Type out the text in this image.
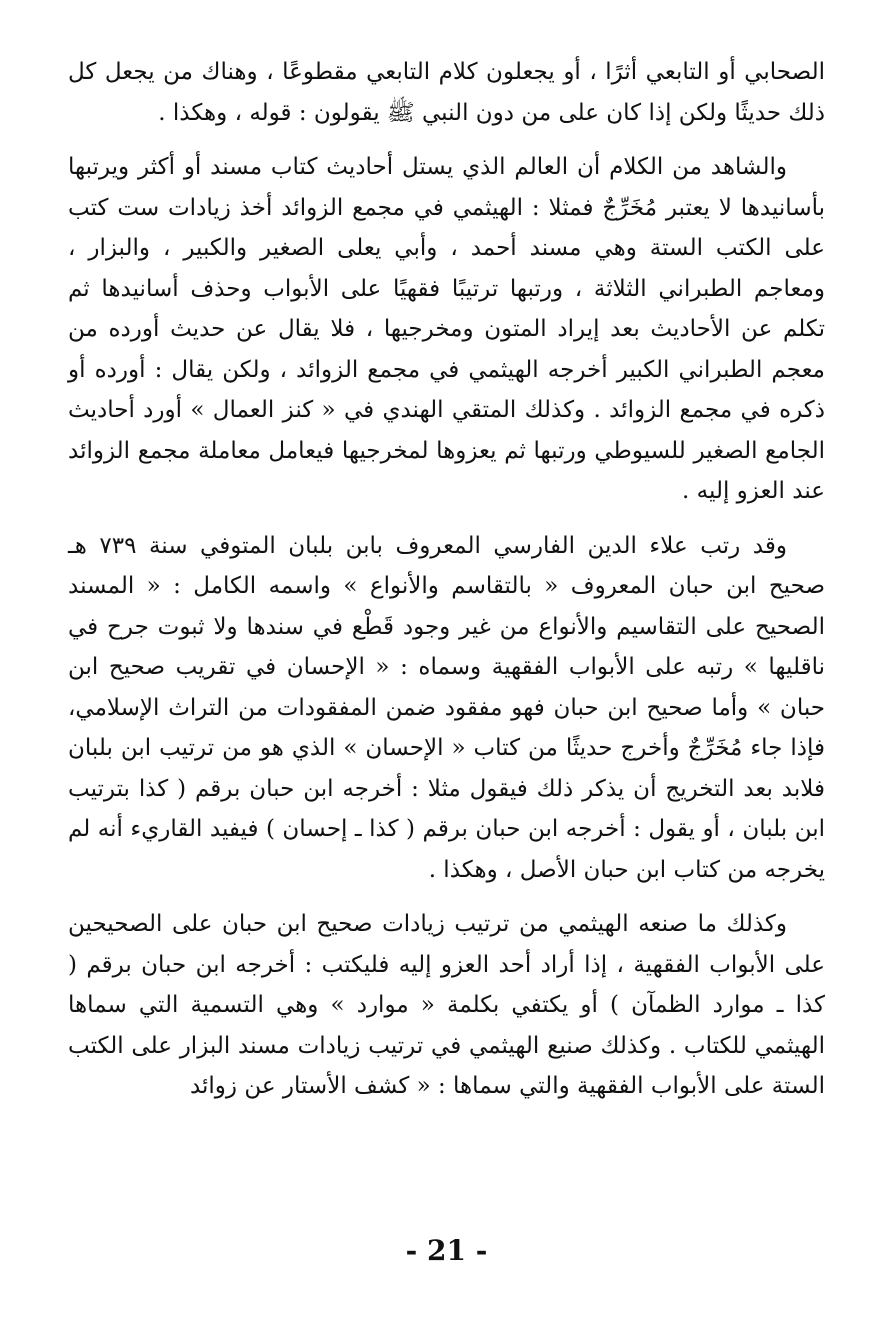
الصحابي أو التابعي أثرًا ، أو يجعلون كلام التابعي مقطوعًا ، وهناك من يجعل كل ذلك حديثًا ولكن إذا كان على من دون النبي ﷺ يقولون : قوله ، وهكذا .

والشاهد من الكلام أن العالم الذي يستل أحاديث كتاب مسند أو أكثر ويرتبها بأسانيدها لا يعتبر مُخَرِّجٌ فمثلا : الهيثمي في مجمع الزوائد أخذ زيادات ست كتب على الكتب الستة وهي مسند أحمد ، وأبي يعلى الصغير والكبير ، والبزار ، ومعاجم الطبراني الثلاثة ، ورتبها ترتيبًا فقهيًا على الأبواب وحذف أسانيدها ثم تكلم عن الأحاديث بعد إيراد المتون ومخرجيها ، فلا يقال عن حديث أورده من معجم الطبراني الكبير أخرجه الهيثمي في مجمع الزوائد ، ولكن يقال : أورده أو ذكره في مجمع الزوائد . وكذلك المتقي الهندي في « كنز العمال » أورد أحاديث الجامع الصغير للسيوطي ورتبها ثم يعزوها لمخرجيها فيعامل معاملة مجمع الزوائد عند العزو إليه .

وقد رتب علاء الدين الفارسي المعروف بابن بلبان المتوفي سنة ٧٣٩ هـ صحيح ابن حبان المعروف « بالتقاسم والأنواع » واسمه الكامل : « المسند الصحيح على التقاسيم والأنواع من غير وجود قَطْع في سندها ولا ثبوت جرح في ناقليها » رتبه على الأبواب الفقهية وسماه : « الإحسان في تقريب صحيح ابن حبان » وأما صحيح ابن حبان فهو مفقود ضمن المفقودات من التراث الإسلامي، فإذا جاء مُخَرِّجٌ وأخرج حديثًا من كتاب « الإحسان » الذي هو من ترتيب ابن بلبان فلابد بعد التخريج أن يذكر ذلك فيقول مثلا : أخرجه ابن حبان برقم ( كذا بترتيب ابن بلبان ، أو يقول : أخرجه ابن حبان برقم ( كذا ـ إحسان ) فيفيد القاريء أنه لم يخرجه من كتاب ابن حبان الأصل ، وهكذا .

وكذلك ما صنعه الهيثمي من ترتيب زيادات صحيح ابن حبان على الصحيحين على الأبواب الفقهية ، إذا أراد أحد العزو إليه فليكتب : أخرجه ابن حبان برقم ( كذا ـ موارد الظمآن ) أو يكتفي بكلمة « موارد » وهي التسمية التي سماها الهيثمي للكتاب . وكذلك صنيع الهيثمي في ترتيب زيادات مسند البزار على الكتب الستة على الأبواب الفقهية والتي سماها : « كشف الأستار عن زوائد

- 21 -
